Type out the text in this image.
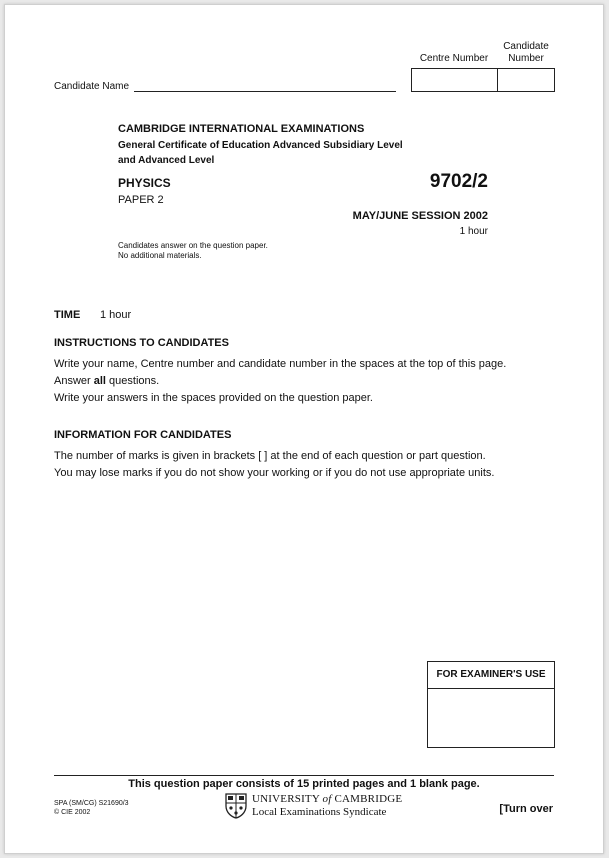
Centre Number
Candidate
Number
Candidate Name
CAMBRIDGE INTERNATIONAL EXAMINATIONS
General Certificate of Education Advanced Subsidiary Level
and Advanced Level
PHYSICS	9702/2
PAPER 2
MAY/JUNE SESSION 2002
1 hour
Candidates answer on the question paper.
No additional materials.
TIME 1 hour
INSTRUCTIONS TO CANDIDATES
Write your name, Centre number and candidate number in the spaces at the top of this page.
Answer all questions.
Write your answers in the spaces provided on the question paper.
INFORMATION FOR CANDIDATES
The number of marks is given in brackets [ ] at the end of each question or part question.
You may lose marks if you do not show your working or if you do not use appropriate units.
FOR EXAMINER'S USE
This question paper consists of 15 printed pages and 1 blank page.
SPA (SM/CG) S21690/3
© CIE 2002
UNIVERSITY of CAMBRIDGE
Local Examinations Syndicate	[Turn over
